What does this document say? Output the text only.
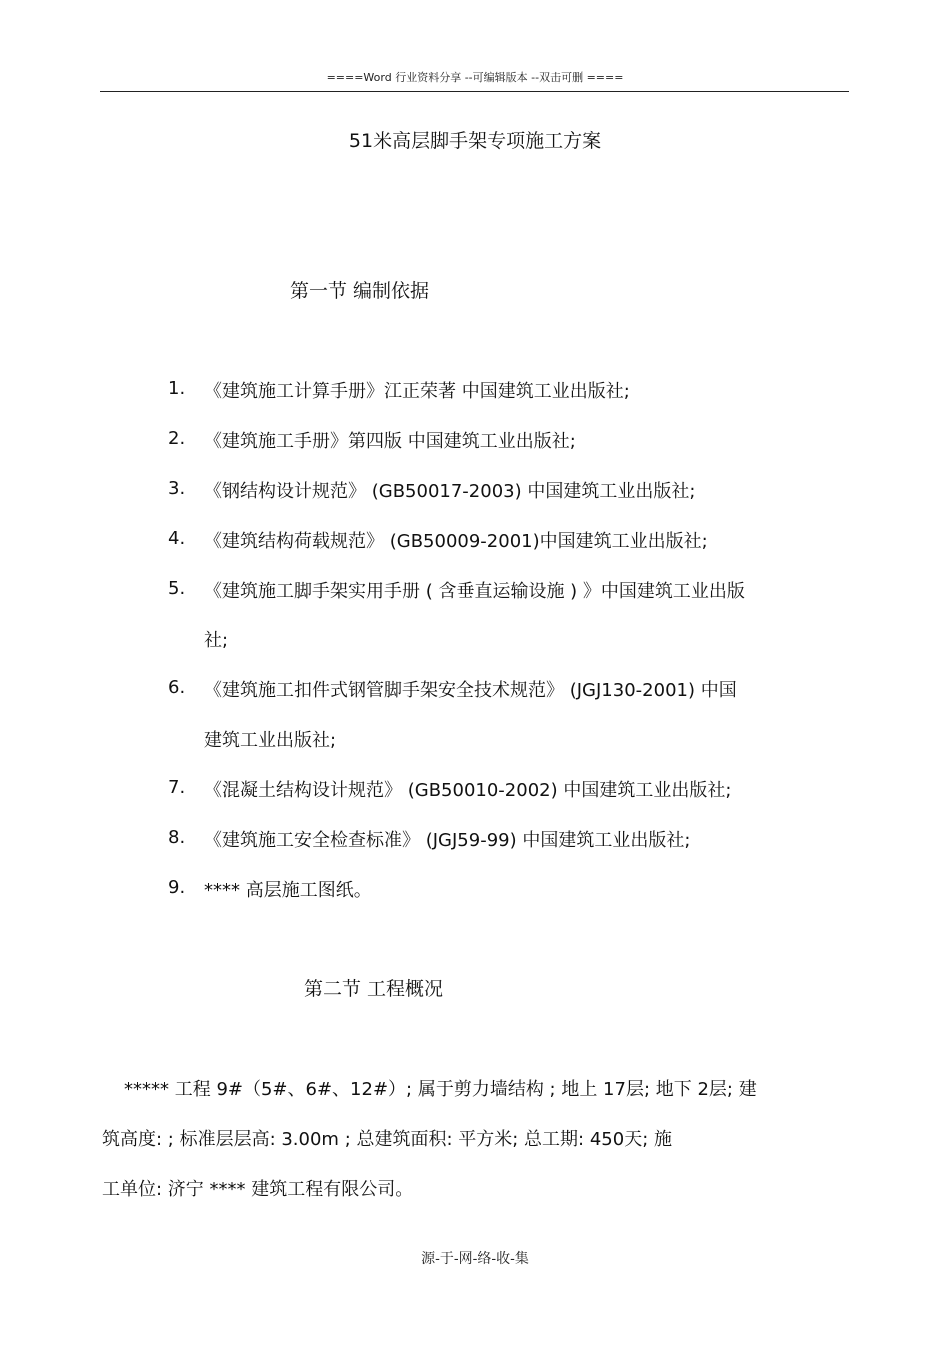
====Word 行业资料分享 --可编辑版本 --双击可删 ====
51米高层脚手架专项施工方案
第一节 编制依据
1. 《建筑施工计算手册》江正荣著 中国建筑工业出版社;
2. 《建筑施工手册》第四版 中国建筑工业出版社;
3. 《钢结构设计规范》 (GB50017-2003) 中国建筑工业出版社;
4. 《建筑结构荷载规范》 (GB50009-2001)中国建筑工业出版社;
5. 《建筑施工脚手架实用手册 ( 含垂直运输设施 ) 》中国建筑工业出版
社;
6. 《建筑施工扣件式钢管脚手架安全技术规范》 (JGJ130-2001) 中国
建筑工业出版社;
7. 《混凝土结构设计规范》 (GB50010-2002) 中国建筑工业出版社;
8. 《建筑施工安全检查标准》 (JGJ59-99) 中国建筑工业出版社;
9. **** 高层施工图纸。
第二节 工程概况
***** 工程 9#（5#、6#、12#）; 属于剪力墙结构 ; 地上 17层; 地下 2层; 建
筑高度: ; 标准层层高: 3.00m ; 总建筑面积: 平方米; 总工期: 450天; 施
工单位: 济宁 **** 建筑工程有限公司。
源-于-网-络-收-集
